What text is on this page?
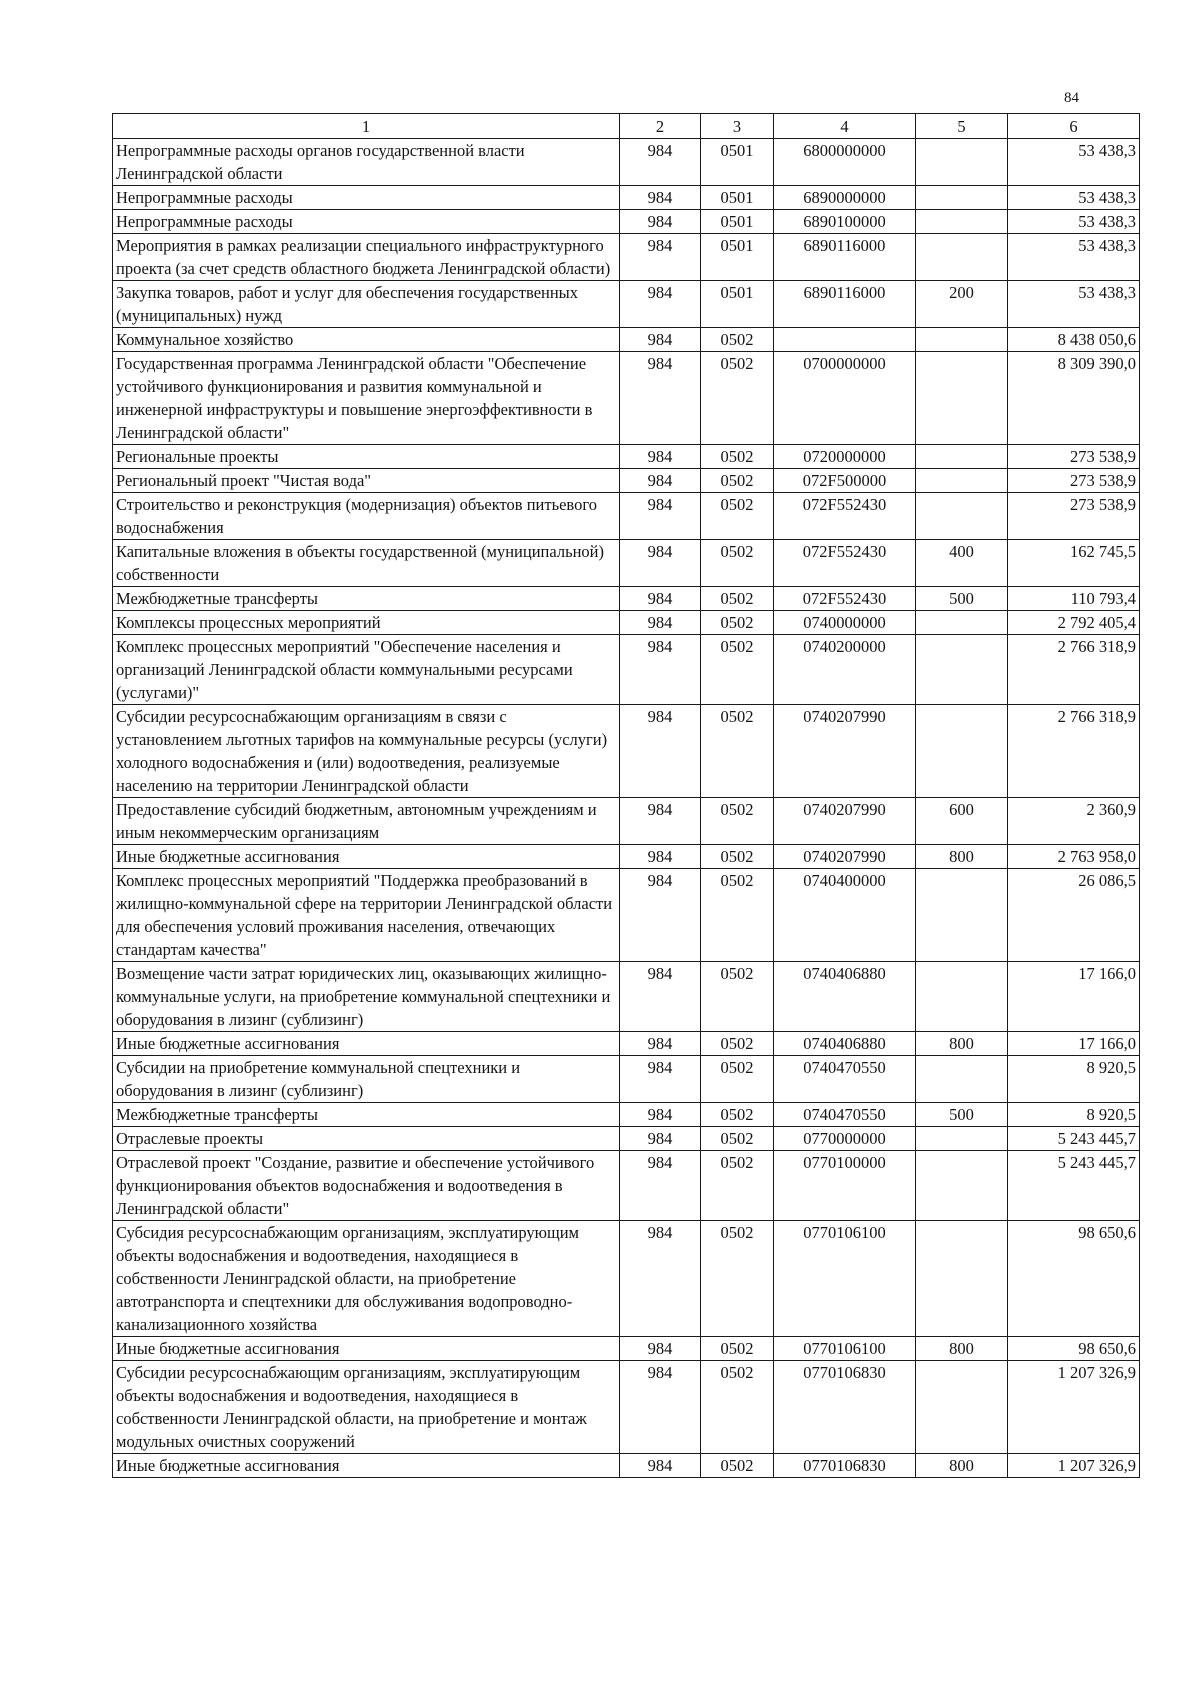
84
1	2	3	4	5	6
Непрограммные расходы органов государственной власти Ленинградской области	984	0501	6800000000		53 438,3
Непрограммные расходы	984	0501	6890000000		53 438,3
Непрограммные расходы	984	0501	6890100000		53 438,3
Мероприятия в рамках реализации специального инфраструктурного проекта (за счет средств областного бюджета Ленинградской области)	984	0501	6890116000		53 438,3
Закупка товаров, работ и услуг для обеспечения государственных (муниципальных) нужд	984	0501	6890116000	200	53 438,3
Коммунальное хозяйство	984	0502			8 438 050,6
Государственная программа Ленинградской области "Обеспечение устойчивого функционирования и развития коммунальной и инженерной инфраструктуры и повышение энергоэффективности в Ленинградской области"	984	0502	0700000000		8 309 390,0
Региональные проекты	984	0502	0720000000		273 538,9
Региональный проект "Чистая вода"	984	0502	072F500000		273 538,9
Строительство и реконструкция (модернизация) объектов питьевого водоснабжения	984	0502	072F552430		273 538,9
Капитальные вложения в объекты государственной (муниципальной) собственности	984	0502	072F552430	400	162 745,5
Межбюджетные трансферты	984	0502	072F552430	500	110 793,4
Комплексы процессных мероприятий	984	0502	0740000000		2 792 405,4
Комплекс процессных мероприятий "Обеспечение населения и организаций Ленинградской области коммунальными ресурсами (услугами)"	984	0502	0740200000		2 766 318,9
Субсидии ресурсоснабжающим организациям в связи с установлением льготных тарифов на коммунальные ресурсы (услуги) холодного водоснабжения и (или) водоотведения, реализуемые населению на территории Ленинградской области	984	0502	0740207990		2 766 318,9
Предоставление субсидий бюджетным, автономным учреждениям и иным некоммерческим организациям	984	0502	0740207990	600	2 360,9
Иные бюджетные ассигнования	984	0502	0740207990	800	2 763 958,0
Комплекс процессных мероприятий "Поддержка преобразований в жилищно-коммунальной сфере на территории Ленинградской области для обеспечения условий проживания населения, отвечающих стандартам качества"	984	0502	0740400000		26 086,5
Возмещение части затрат юридических лиц, оказывающих жилищно-коммунальные услуги, на приобретение коммунальной спецтехники и оборудования в лизинг (сублизинг)	984	0502	0740406880		17 166,0
Иные бюджетные ассигнования	984	0502	0740406880	800	17 166,0
Субсидии на приобретение коммунальной спецтехники и оборудования в лизинг (сублизинг)	984	0502	0740470550		8 920,5
Межбюджетные трансферты	984	0502	0740470550	500	8 920,5
Отраслевые проекты	984	0502	0770000000		5 243 445,7
Отраслевой проект "Создание, развитие и обеспечение устойчивого функционирования объектов водоснабжения и водоотведения в Ленинградской области"	984	0502	0770100000		5 243 445,7
Субсидия ресурсоснабжающим организациям, эксплуатирующим объекты водоснабжения и водоотведения, находящиеся в собственности Ленинградской области, на приобретение автотранспорта и спецтехники для обслуживания водопроводно-канализационного хозяйства	984	0502	0770106100		98 650,6
Иные бюджетные ассигнования	984	0502	0770106100	800	98 650,6
Субсидии ресурсоснабжающим организациям, эксплуатирующим объекты водоснабжения и водоотведения, находящиеся в собственности Ленинградской области, на приобретение и монтаж модульных очистных сооружений	984	0502	0770106830		1 207 326,9
Иные бюджетные ассигнования	984	0502	0770106830	800	1 207 326,9
